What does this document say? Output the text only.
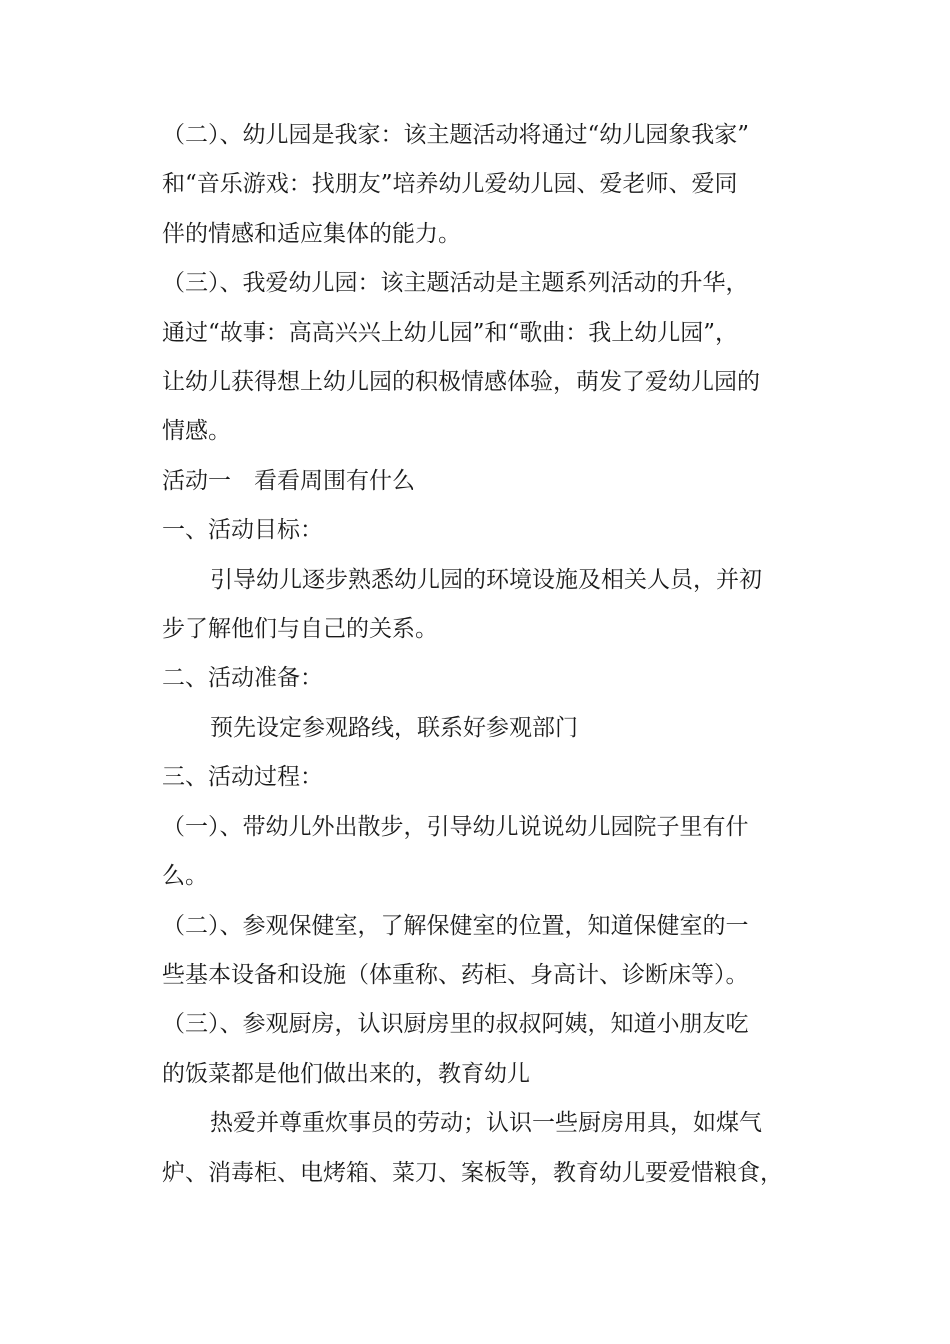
（二）、幼儿园是我家：该主题活动将通过“幼儿园象我家”

和“音乐游戏：找朋友”培养幼儿爱幼儿园、爱老师、爱同

伴的情感和适应集体的能力。

（三）、我爱幼儿园：该主题活动是主题系列活动的升华，

通过“故事：高高兴兴上幼儿园”和“歌曲：我上幼儿园”，

让幼儿获得想上幼儿园的积极情感体验，萌发了爱幼儿园的

情感。

活动一　看看周围有什么

一、活动目标：

引导幼儿逐步熟悉幼儿园的环境设施及相关人员，并初

步了解他们与自己的关系。

二、活动准备：

预先设定参观路线，联系好参观部门

三、活动过程：

（一）、带幼儿外出散步，引导幼儿说说幼儿园院子里有什

么。

（二）、参观保健室，了解保健室的位置，知道保健室的一

些基本设备和设施（体重称、药柜、身高计、诊断床等）。

（三）、参观厨房，认识厨房里的叔叔阿姨，知道小朋友吃

的饭菜都是他们做出来的，教育幼儿

热爱并尊重炊事员的劳动；认识一些厨房用具，如煤气

炉、消毒柜、电烤箱、菜刀、案板等，教育幼儿要爱惜粮食，
